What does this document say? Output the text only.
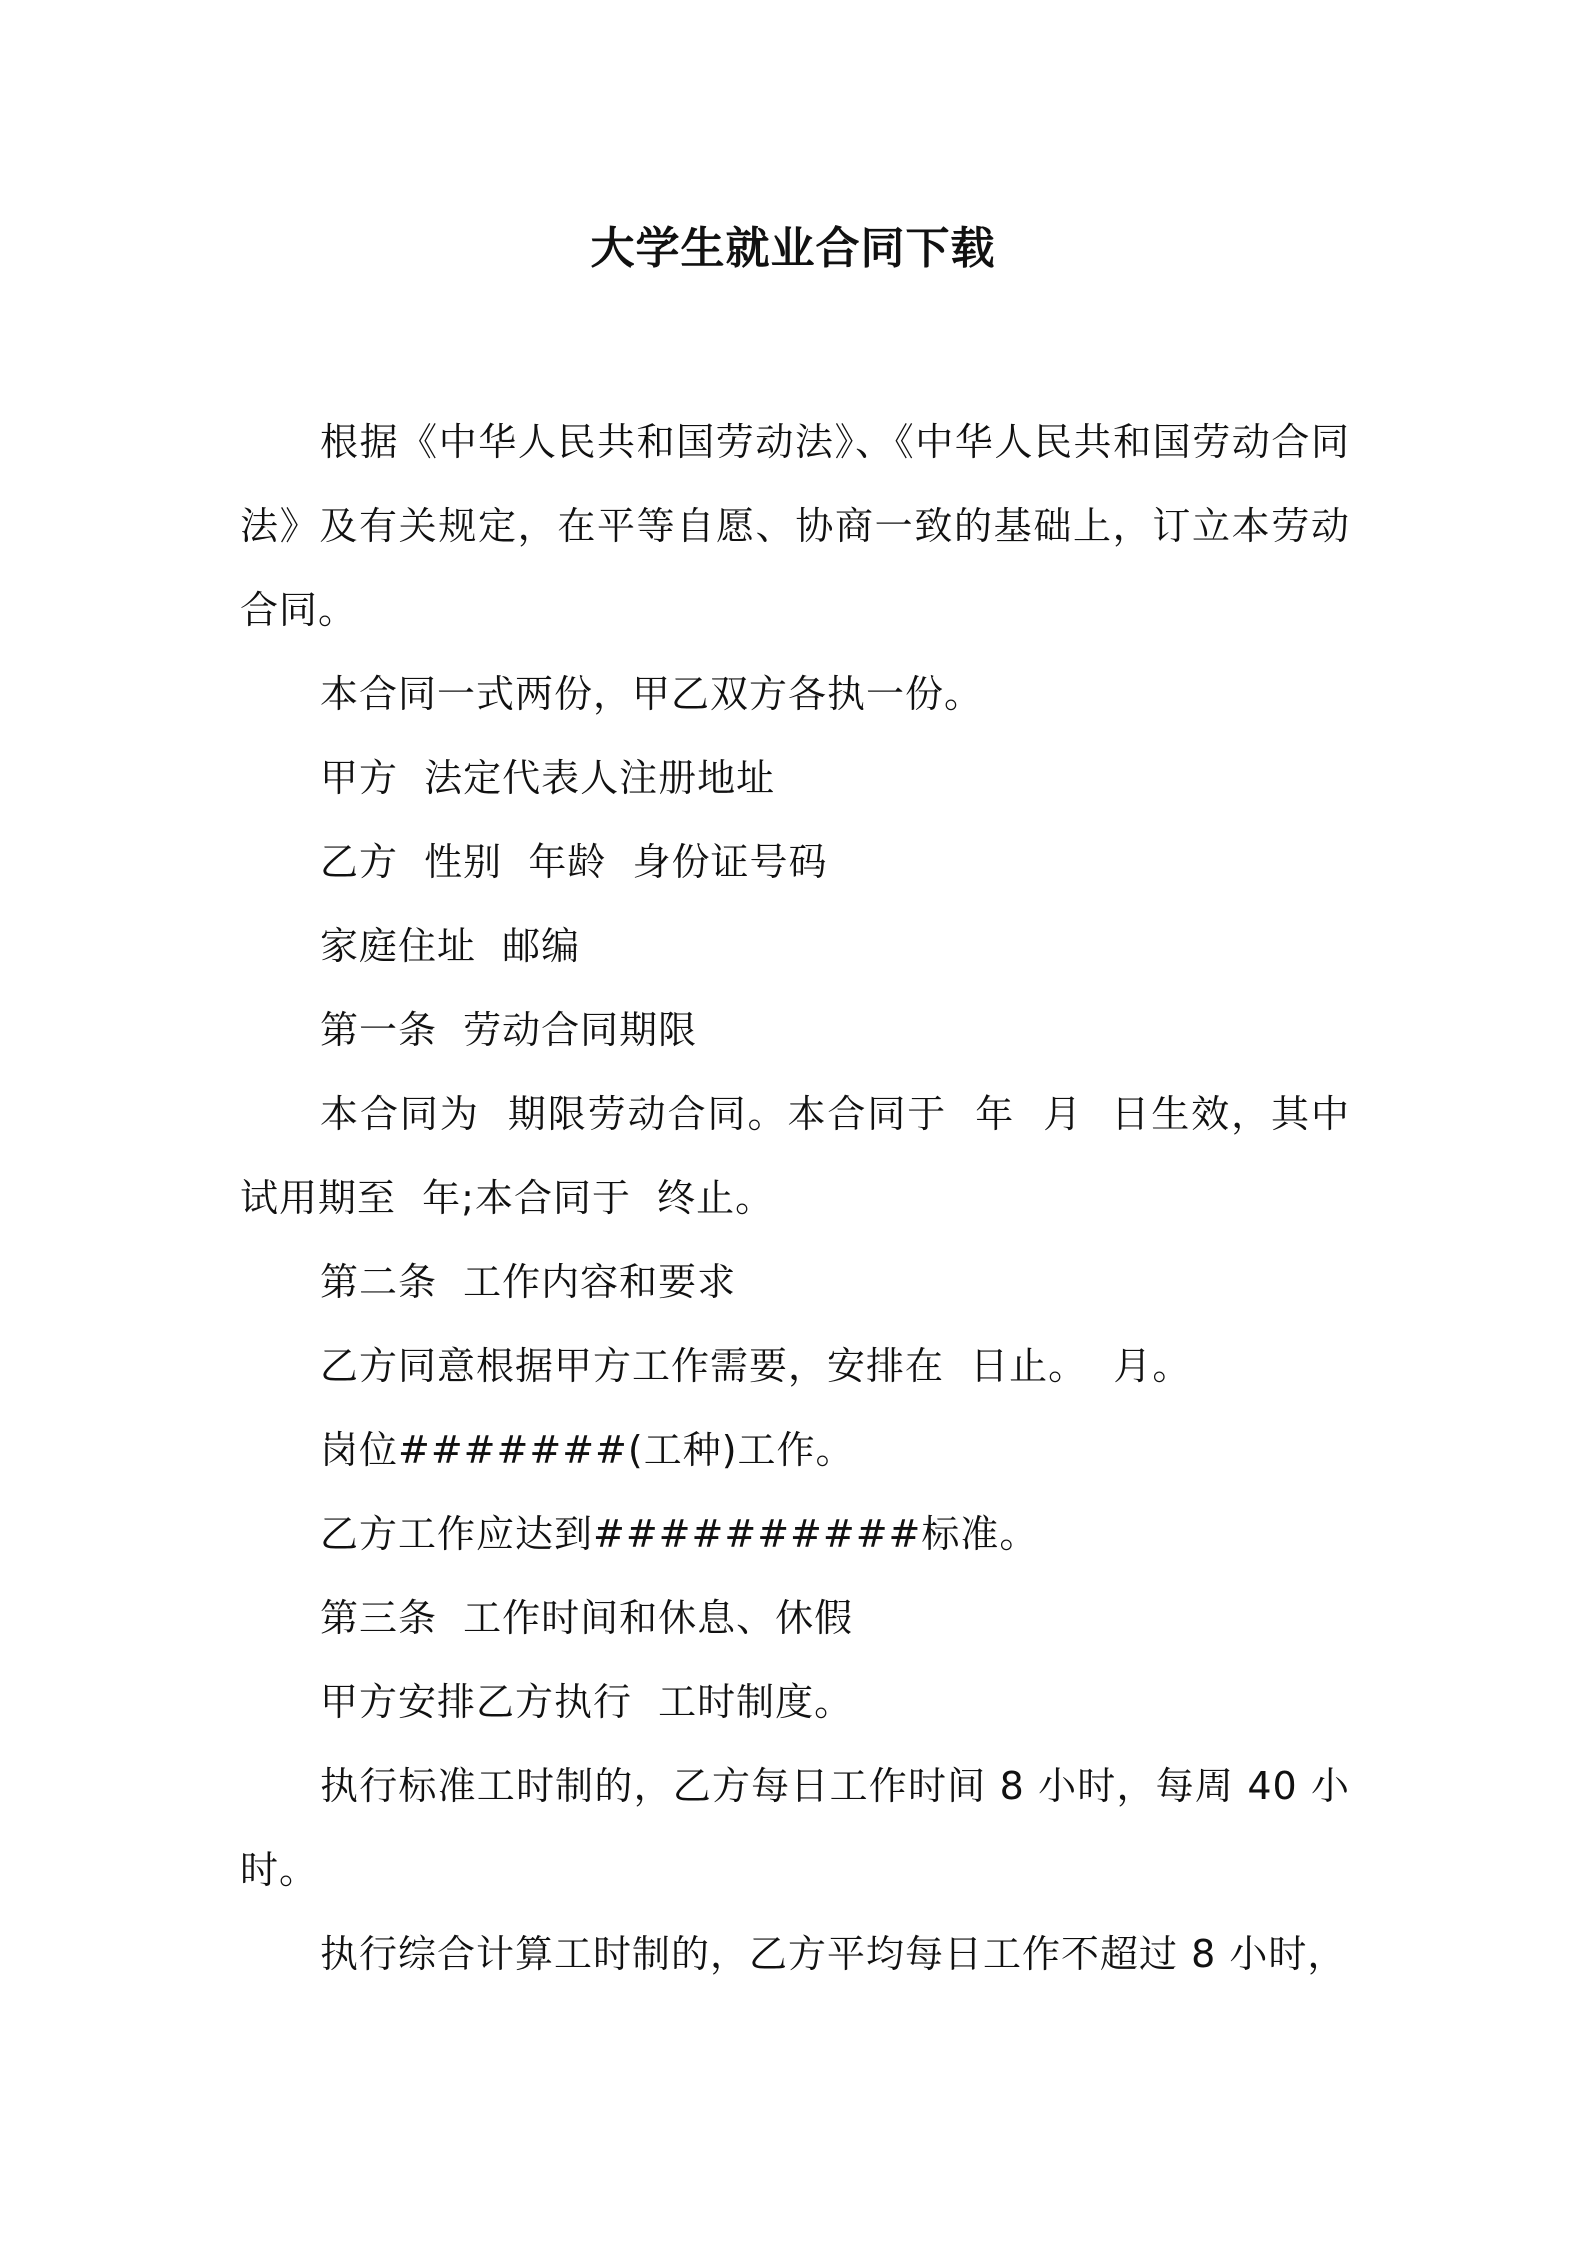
大学生就业合同下载

根据《中华人民共和国劳动法》、《中华人民共和国劳动合同法》及有关规定，在平等自愿、协商一致的基础上，订立本劳动合同。

本合同一式两份，甲乙双方各执一份。

甲方  法定代表人注册地址

乙方  性别  年龄  身份证号码

家庭住址  邮编

第一条  劳动合同期限

本合同为  期限劳动合同。本合同于  年  月  日生效，其中试用期至  年;本合同于  终止。

第二条  工作内容和要求

乙方同意根据甲方工作需要，安排在  日止。  月。

岗位#######(工种)工作。

乙方工作应达到##########标准。

第三条  工作时间和休息、休假

甲方安排乙方执行  工时制度。

执行标准工时制的，乙方每日工作时间 8 小时，每周 40 小时。

执行综合计算工时制的，乙方平均每日工作不超过 8 小时，
